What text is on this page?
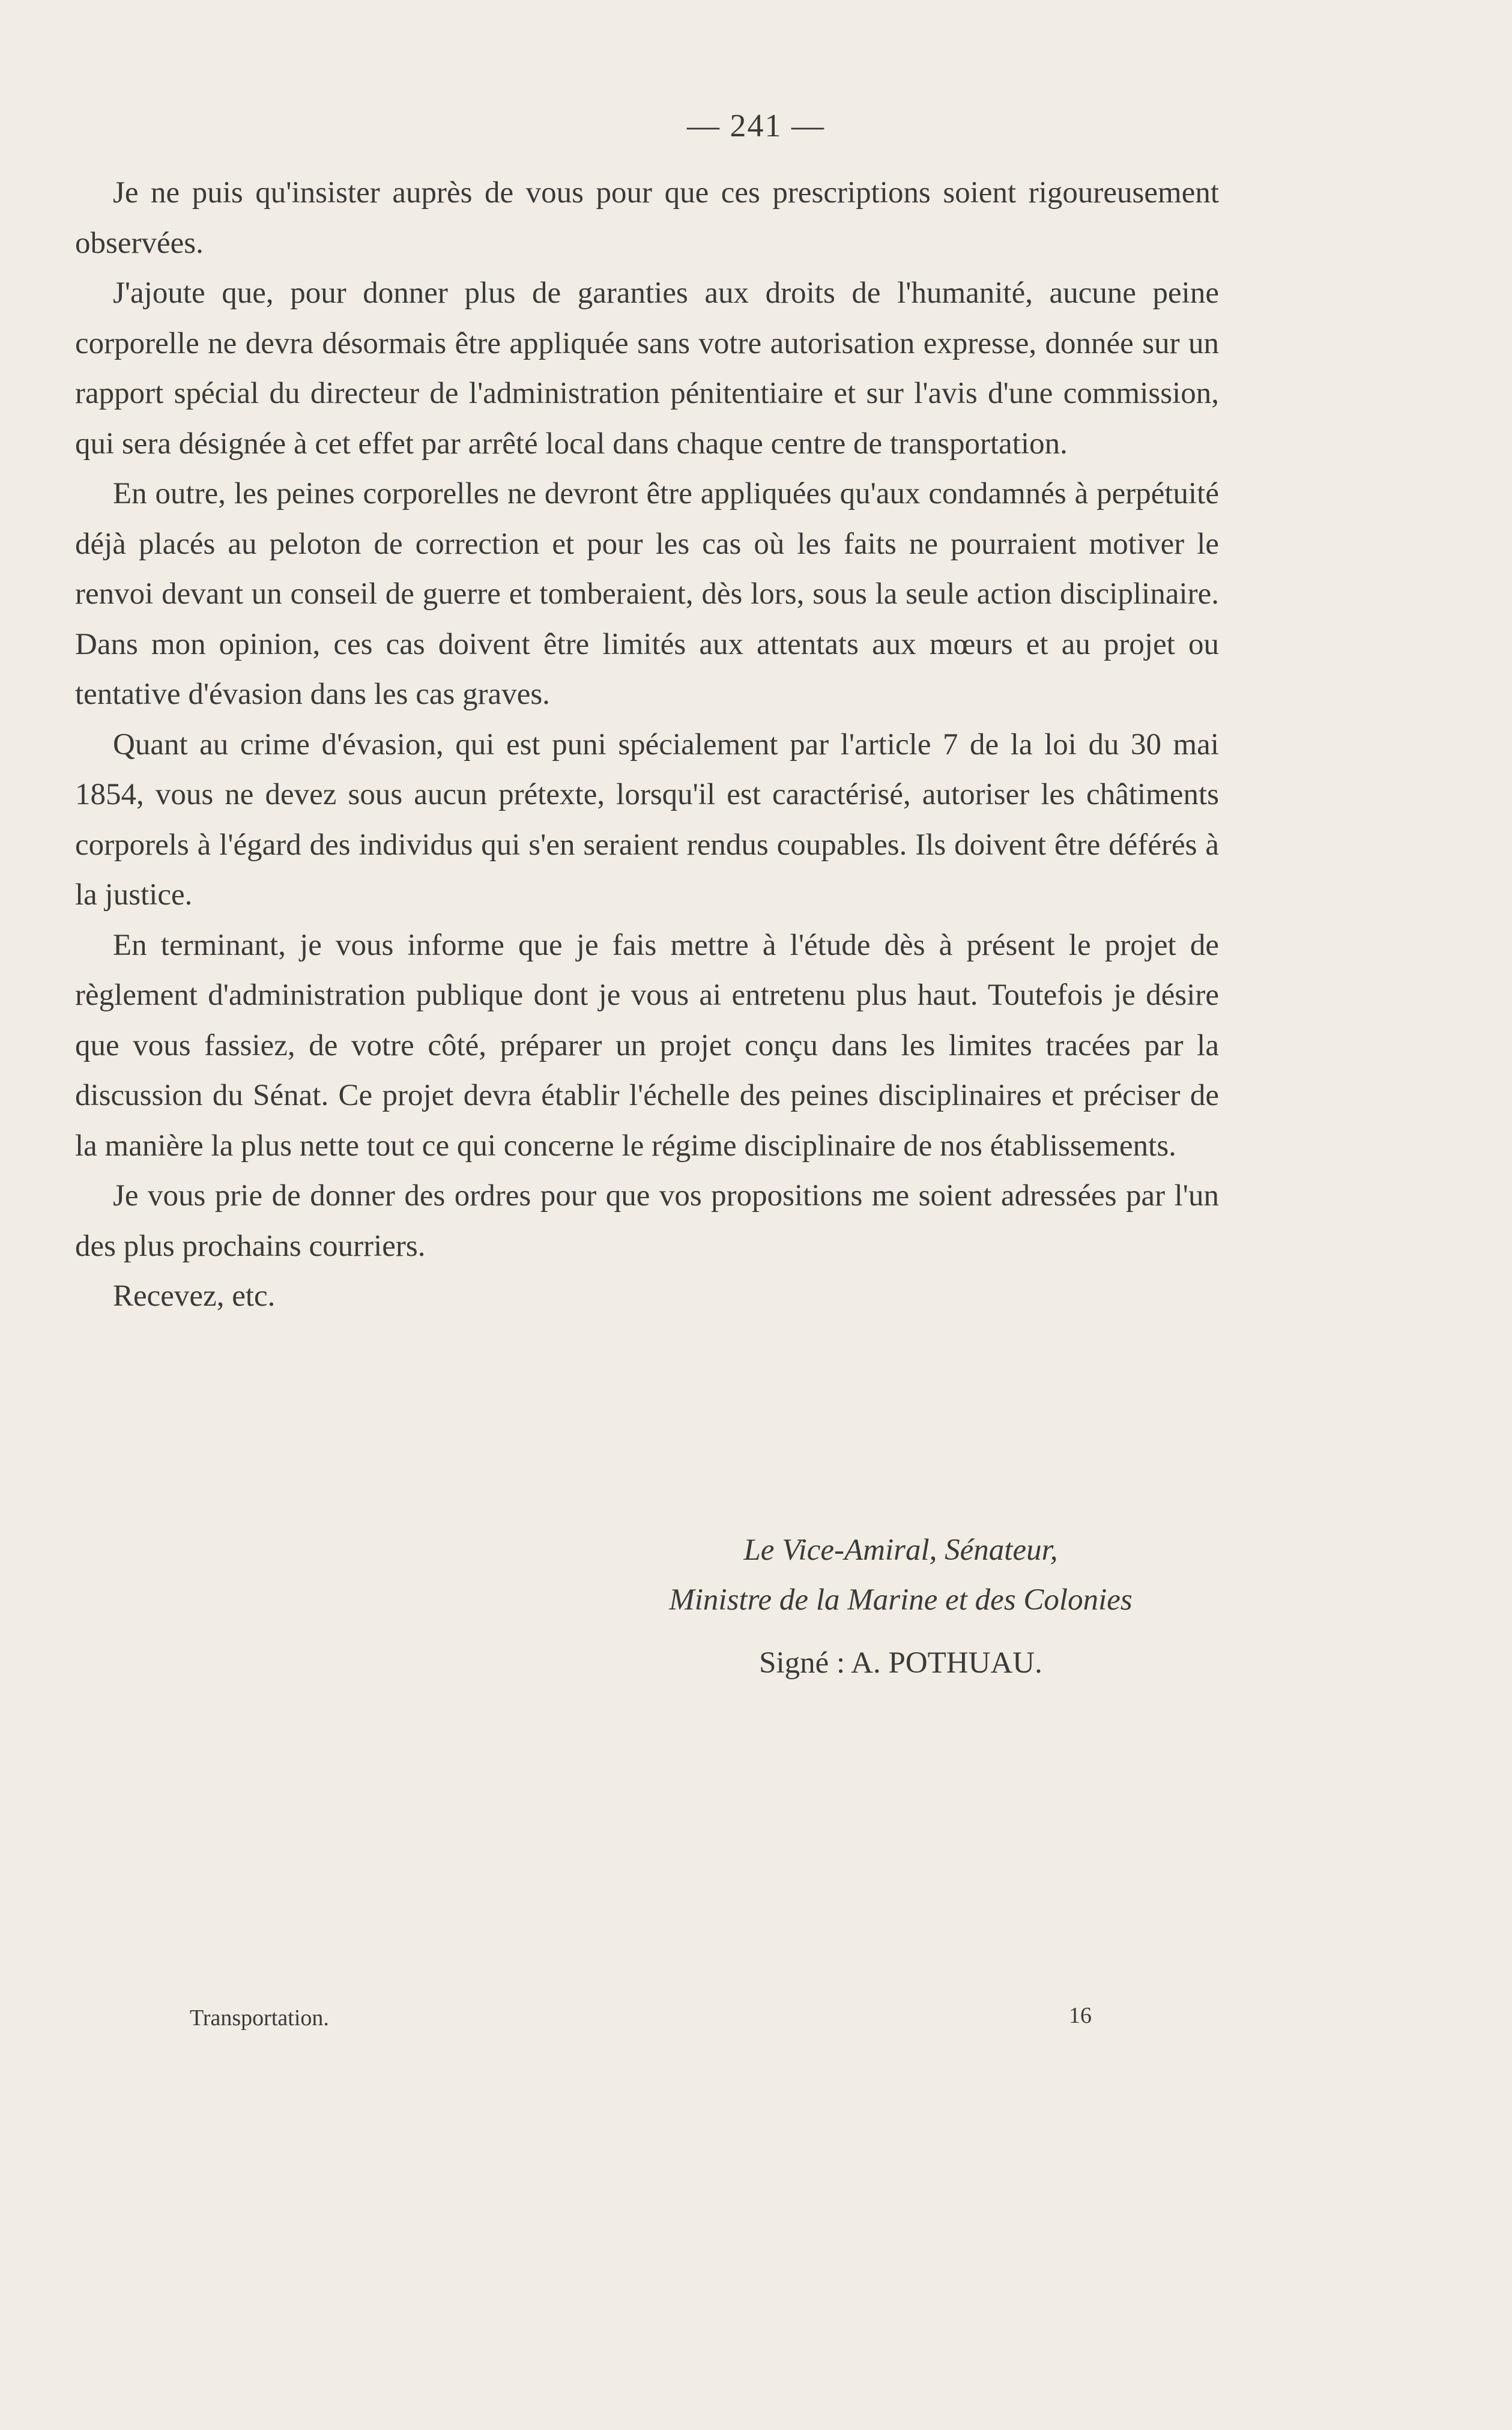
— 241 —

Je ne puis qu'insister auprès de vous pour que ces prescriptions soient rigoureusement observées.

J'ajoute que, pour donner plus de garanties aux droits de l'humanité, aucune peine corporelle ne devra désormais être appliquée sans votre autorisation expresse, donnée sur un rapport spécial du directeur de l'administration pénitentiaire et sur l'avis d'une commission, qui sera désignée à cet effet par arrêté local dans chaque centre de transportation.

En outre, les peines corporelles ne devront être appliquées qu'aux condamnés à perpétuité déjà placés au peloton de correction et pour les cas où les faits ne pourraient motiver le renvoi devant un conseil de guerre et tomberaient, dès lors, sous la seule action disciplinaire. Dans mon opinion, ces cas doivent être limités aux attentats aux mœurs et au projet ou tentative d'évasion dans les cas graves.

Quant au crime d'évasion, qui est puni spécialement par l'article 7 de la loi du 30 mai 1854, vous ne devez sous aucun prétexte, lorsqu'il est caractérisé, autoriser les châtiments corporels à l'égard des individus qui s'en seraient rendus coupables. Ils doivent être déférés à la justice.

En terminant, je vous informe que je fais mettre à l'étude dès à présent le projet de règlement d'administration publique dont je vous ai entretenu plus haut. Toutefois je désire que vous fassiez, de votre côté, préparer un projet conçu dans les limites tracées par la discussion du Sénat. Ce projet devra établir l'échelle des peines disciplinaires et préciser de la manière la plus nette tout ce qui concerne le régime disciplinaire de nos établissements.

Je vous prie de donner des ordres pour que vos propositions me soient adressées par l'un des plus prochains courriers.

Recevez, etc.

Le Vice-Amiral, Sénateur,
Ministre de la Marine et des Colonies
Signé : A. POTHUAU.
Transportation.	16
